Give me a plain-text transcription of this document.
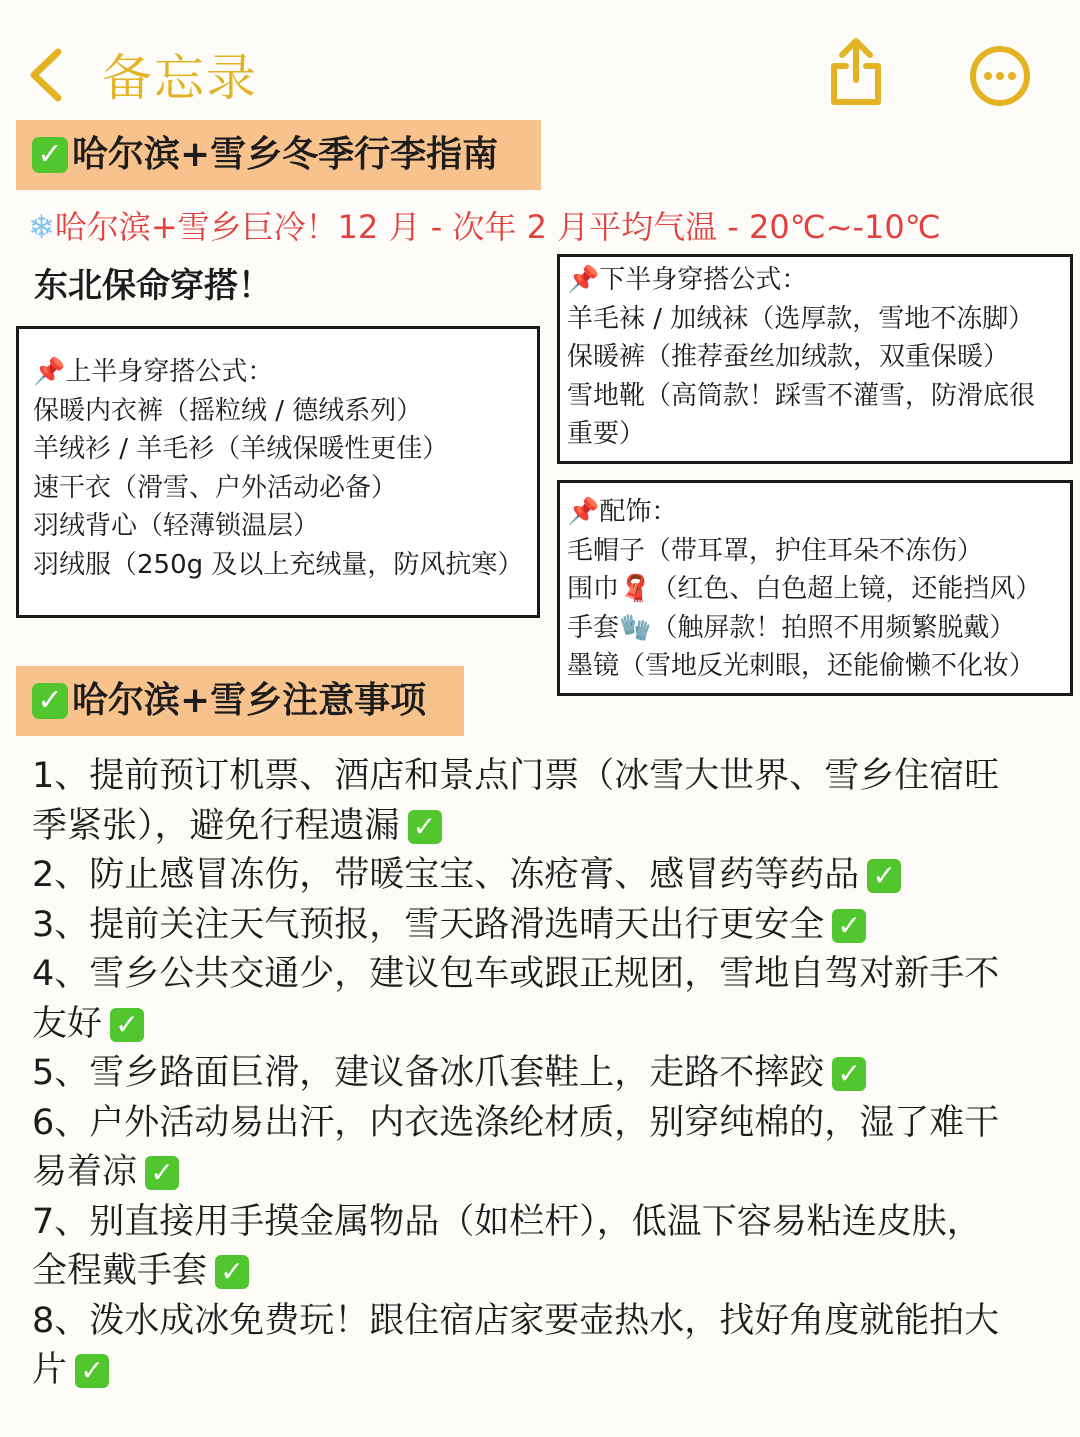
备忘录
✓ 哈尔滨+雪乡冬季行李指南
❄哈尔滨+雪乡巨冷！12 月 - 次年 2 月平均气温 - 20℃~-10℃
东北保命穿搭！
📌上半身穿搭公式：
保暖内衣裤（摇粒绒 / 德绒系列）
羊绒衫 / 羊毛衫（羊绒保暖性更佳）
速干衣（滑雪、户外活动必备）
羽绒背心（轻薄锁温层）
羽绒服（250g 及以上充绒量，防风抗寒）
📌下半身穿搭公式：
羊毛袜 / 加绒袜（选厚款，雪地不冻脚）
保暖裤（推荐蚕丝加绒款，双重保暖）
雪地靴（高筒款！踩雪不灌雪，防滑底很
重要）
📌配饰：
毛帽子（带耳罩，护住耳朵不冻伤）
围巾🧣（红色、白色超上镜，还能挡风）
手套🧤（触屏款！拍照不用频繁脱戴）
墨镜（雪地反光刺眼，还能偷懒不化妆）
✓ 哈尔滨+雪乡注意事项
1、提前预订机票、酒店和景点门票（冰雪大世界、雪乡住宿旺
季紧张），避免行程遗漏 ✓
2、防止感冒冻伤，带暖宝宝、冻疮膏、感冒药等药品 ✓
3、提前关注天气预报，雪天路滑选晴天出行更安全 ✓
4、雪乡公共交通少，建议包车或跟正规团，雪地自驾对新手不
友好 ✓
5、雪乡路面巨滑，建议备冰爪套鞋上，走路不摔跤 ✓
6、户外活动易出汗，内衣选涤纶材质，别穿纯棉的，湿了难干
易着凉 ✓
7、别直接用手摸金属物品（如栏杆），低温下容易粘连皮肤，
全程戴手套 ✓
8、泼水成冰免费玩！跟住宿店家要壶热水，找好角度就能拍大
片 ✓
